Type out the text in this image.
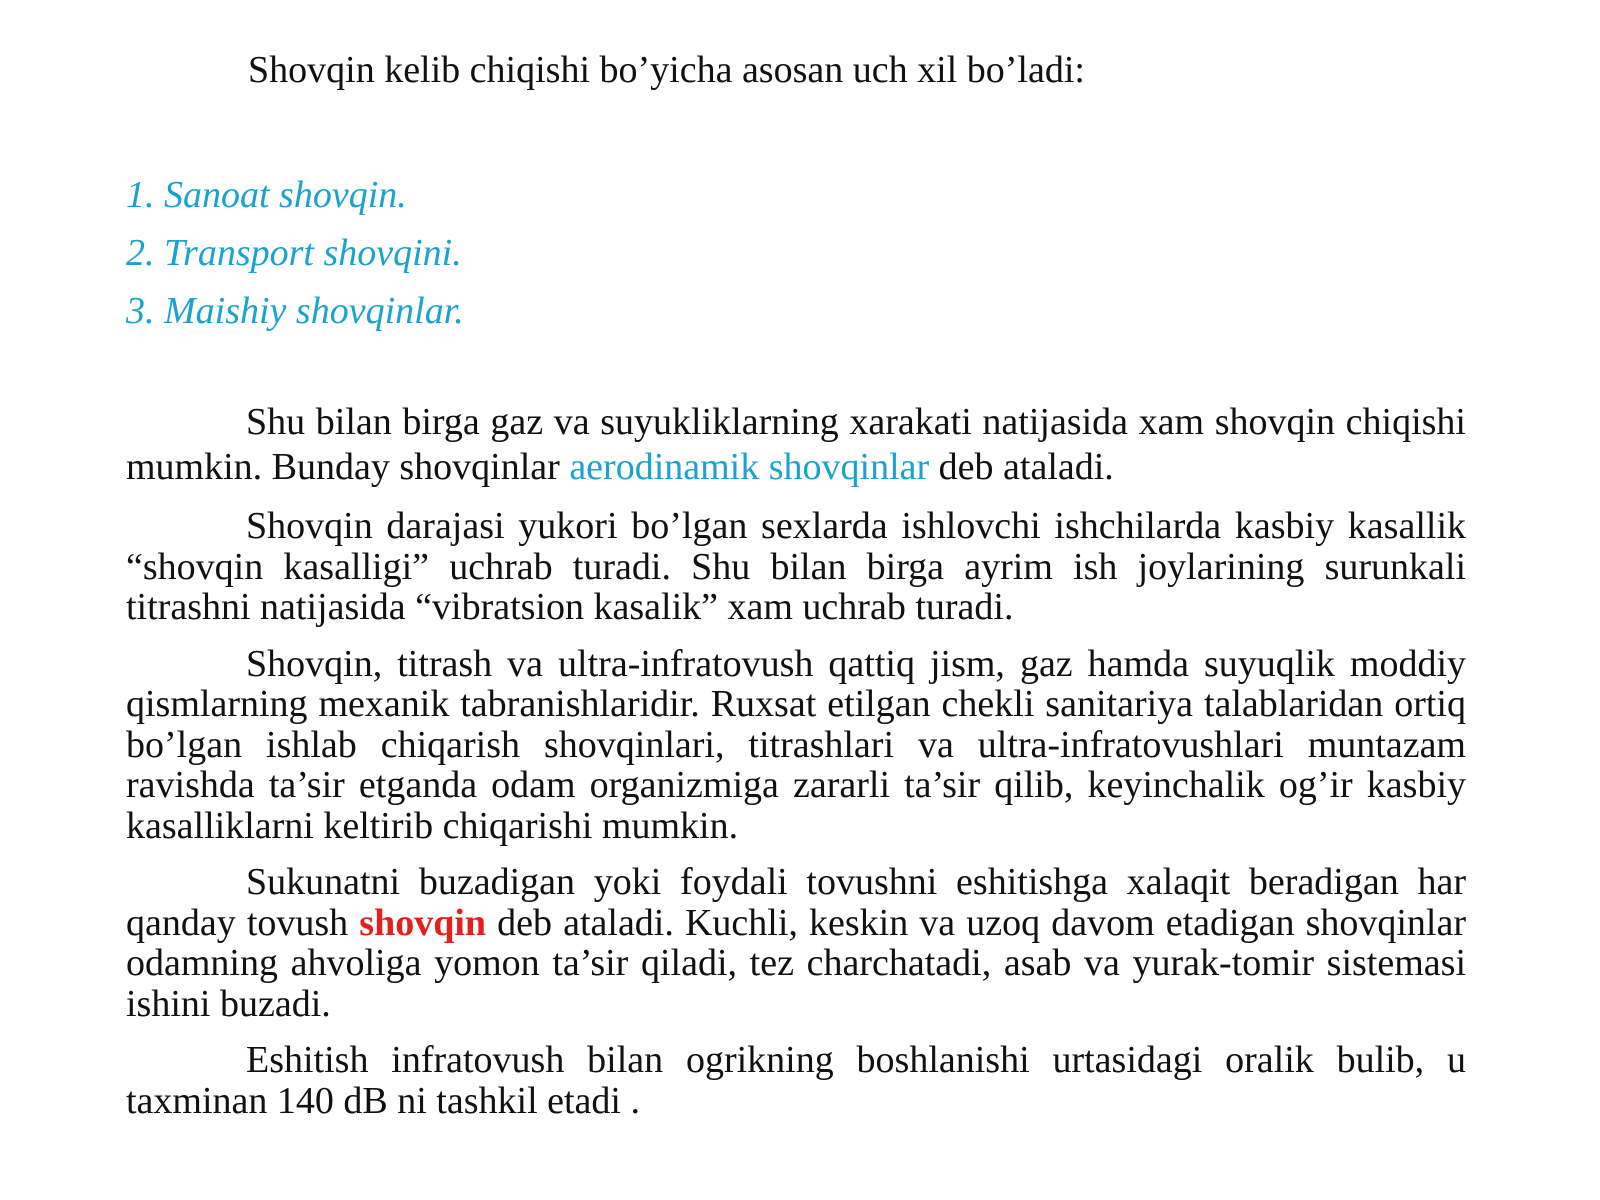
Shovqin kelib chiqishi bo’yicha asosan uch xil bo’ladi:

1. Sanoat shovqin.
2. Transport shovqini.
3. Maishiy shovqinlar.

Shu bilan birga gaz va suyukliklarning xarakati natijasida xam shovqin chiqishi mumkin. Bunday shovqinlar aerodinamik shovqinlar deb ataladi.

Shovqin darajasi yukori bo’lgan sexlarda ishlovchi ishchilarda kasbiy kasallik “shovqin kasalligi” uchrab turadi. Shu bilan birga ayrim ish joylarining surunkali titrashni natijasida “vibratsion kasalik” xam uchrab turadi.

Shovqin, titrash va ultra-infratovush qattiq jism, gaz hamda suyuqlik moddiy qismlarning mexanik tabranishlaridir. Ruxsat etilgan chekli sanitariya talablaridan ortiq bo’lgan ishlab chiqarish shovqinlari, titrashlari va ultra-infratovushlari muntazam ravishda ta’sir etganda odam organizmiga zararli ta’sir qilib, keyinchalik og’ir kasbiy kasalliklarni keltirib chiqarishi mumkin.

Sukunatni buzadigan yoki foydali tovushni eshitishga xalaqit beradigan har qanday tovush shovqin deb ataladi. Kuchli, keskin va uzoq davom etadigan shovqinlar odamning ahvoliga yomon ta’sir qiladi, tez charchatadi, asab va yurak-tomir sistemasi ishini buzadi.

Eshitish infratovush bilan ogrikning boshlanishi urtasidagi oralik bulib, u taxminan 140 dB ni tashkil etadi .
